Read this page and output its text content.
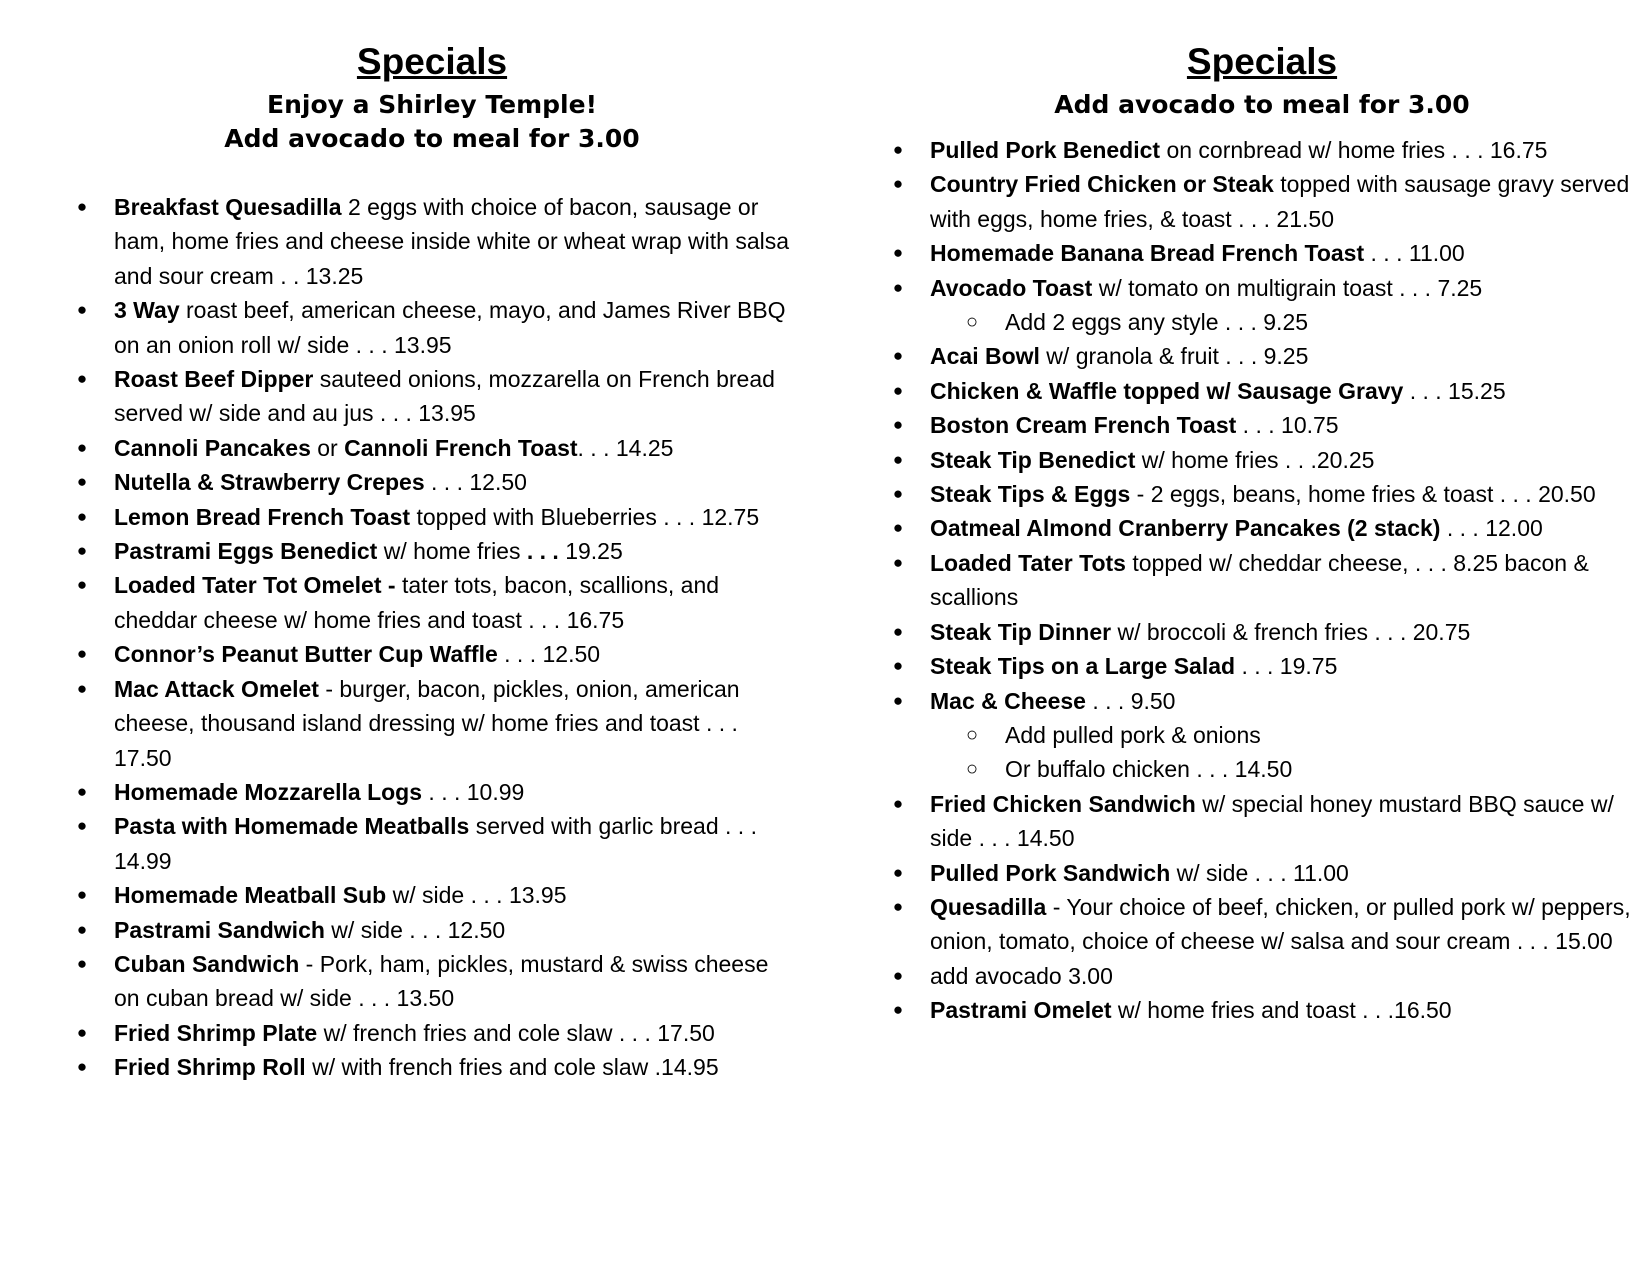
Specials

Enjoy a Shirley Temple!

Add avocado to meal for 3.00

● Breakfast Quesadilla 2 eggs with choice of bacon, sausage or ham, home fries and cheese inside white or wheat wrap with salsa and sour cream . . 13.25
● 3 Way roast beef, american cheese, mayo, and James River BBQ on an onion roll w/ side . . . 13.95
● Roast Beef Dipper sauteed onions, mozzarella on French bread served w/ side and au jus . . . 13.95
● Cannoli Pancakes or Cannoli French Toast. . . 14.25
● Nutella & Strawberry Crepes . . . 12.50
● Lemon Bread French Toast topped with Blueberries . . . 12.75
● Pastrami Eggs Benedict w/ home fries . . . 19.25
● Loaded Tater Tot Omelet - tater tots, bacon, scallions, and cheddar cheese w/ home fries and toast . . . 16.75
● Connor’s Peanut Butter Cup Waffle . . . 12.50
● Mac Attack Omelet - burger, bacon, pickles, onion, american cheese, thousand island dressing w/ home fries and toast . . . 17.50
● Homemade Mozzarella Logs . . . 10.99
● Pasta with Homemade Meatballs served with garlic bread . . . 14.99
● Homemade Meatball Sub w/ side . . . 13.95
● Pastrami Sandwich w/ side . . . 12.50
● Cuban Sandwich - Pork, ham, pickles, mustard & swiss cheese on cuban bread w/ side . . . 13.50
● Fried Shrimp Plate w/ french fries and cole slaw . . . 17.50
● Fried Shrimp Roll w/ with french fries and cole slaw .14.95
Specials

Add avocado to meal for 3.00

● Pulled Pork Benedict on cornbread w/ home fries . . . 16.75
● Country Fried Chicken or Steak topped with sausage gravy served with eggs, home fries, & toast . . . 21.50
● Homemade Banana Bread French Toast . . . 11.00
● Avocado Toast w/ tomato on multigrain toast . . . 7.25
○ Add 2 eggs any style . . . 9.25
● Acai Bowl w/ granola & fruit . . . 9.25
● Chicken & Waffle topped w/ Sausage Gravy . . . 15.25
● Boston Cream French Toast . . . 10.75
● Steak Tip Benedict w/ home fries . . .20.25
● Steak Tips & Eggs - 2 eggs, beans, home fries & toast . . . 20.50
● Oatmeal Almond Cranberry Pancakes (2 stack) . . . 12.00
● Loaded Tater Tots topped w/ cheddar cheese, . . . 8.25 bacon & scallions
● Steak Tip Dinner w/ broccoli & french fries . . . 20.75
● Steak Tips on a Large Salad . . . 19.75
● Mac & Cheese . . . 9.50
○ Add pulled pork & onions
○ Or buffalo chicken . . . 14.50
● Fried Chicken Sandwich w/ special honey mustard BBQ sauce w/ side . . . 14.50
● Pulled Pork Sandwich w/ side . . . 11.00
● Quesadilla - Your choice of beef, chicken, or pulled pork w/ peppers, onion, tomato, choice of cheese w/ salsa and sour cream . . . 15.00
● add avocado 3.00
● Pastrami Omelet w/ home fries and toast . . .16.50
